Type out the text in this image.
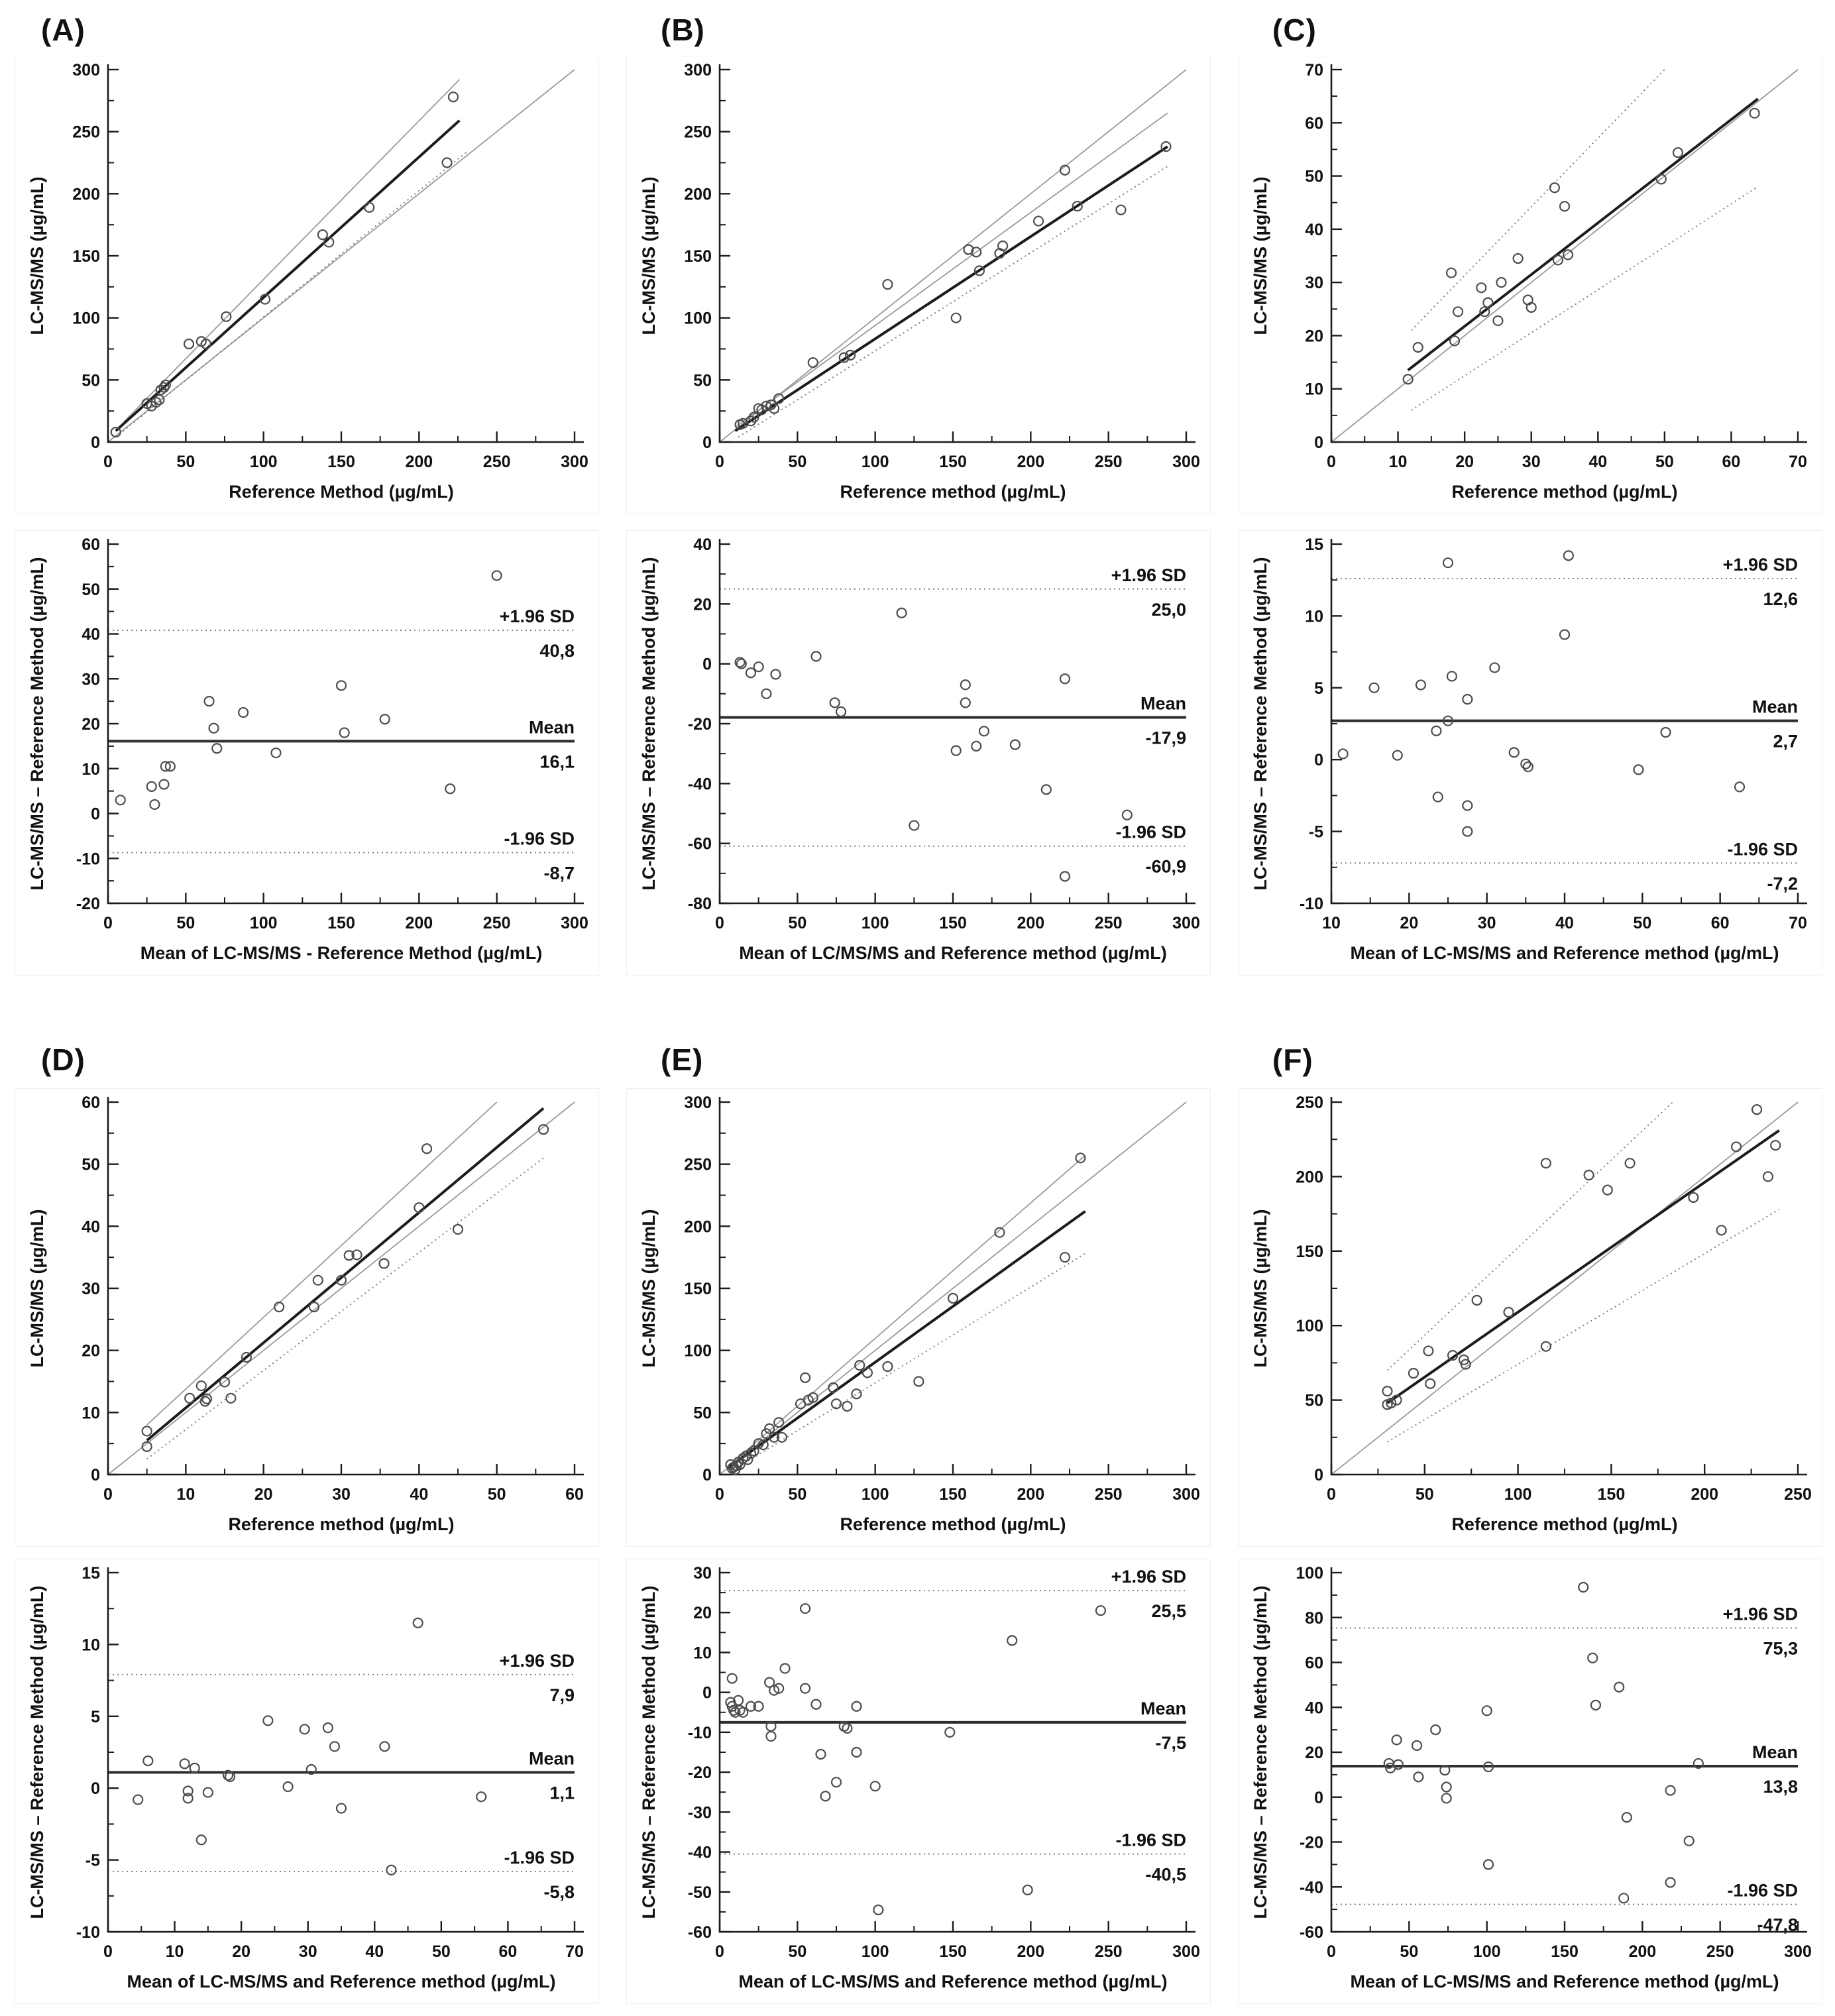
(A)
0	50	100	150	200	250	300
0
50
100
150
200
250
300
Reference Method (µg/mL)
LC-MS/MS (µg/mL)
+1.96 SD
40,8
Mean
16,1
-1.96 SD
-8,7
0	50	100	150	200	250	300
-20
-10
0
10
20
30
40
50
60
Mean of LC-MS/MS - Reference Method (µg/mL)
LC-MS/MS – Reference Method (µg/mL)
(B)
0	50	100	150	200	250	300
0
50
100
150
200
250
300
Reference method (µg/mL)
LC-MS/MS (µg/mL)
+1.96 SD
25,0
Mean
-17,9
-1.96 SD
-60,9
0	50	100	150	200	250	300
-80
-60
-40
-20
0
20
40
Mean of LC/MS/MS and Reference method (µg/mL)
LC-MS/MS – Reference Method (µg/mL)
(C)
0	10	20	30	40	50	60	70
0
10
20
30
40
50
60
70
Reference method (µg/mL)
LC-MS/MS (µg/mL)
+1.96 SD
12,6
Mean
2,7
-1.96 SD
-7,2
10	20	30	40	50	60	70
-10
-5
0
5
10
15
Mean of LC-MS/MS and Reference method (µg/mL)
LC-MS/MS – Reference Method (µg/mL)
(D)
0	10	20	30	40	50	60
0
10
20
30
40
50
60
Reference method (µg/mL)
LC-MS/MS (µg/mL)
+1.96 SD
7,9
Mean
1,1
-1.96 SD
-5,8
0	10	20	30	40	50	60	70
-10
-5
0
5
10
15
Mean of LC-MS/MS and Reference method (µg/mL)
LC-MS/MS – Reference Method (µg/mL)
(E)
0	50	100	150	200	250	300
0
50
100
150
200
250
300
Reference method (µg/mL)
LC-MS/MS (µg/mL)
+1.96 SD
25,5
Mean
-7,5
-1.96 SD
-40,5
0	50	100	150	200	250	300
-60
-50
-40
-30
-20
-10
0
10
20
30
Mean of LC-MS/MS and Reference method (µg/mL)
LC-MS/MS – Reference Method (µg/mL)
(F)
0	50	100	150	200	250
0
50
100
150
200
250
Reference method (µg/mL)
LC-MS/MS (µg/mL)
+1.96 SD
75,3
Mean
13,8
-1.96 SD
-47,8
0	50	100	150	200	250	300
-60
-40
-20
0
20
40
60
80
100
Mean of LC-MS/MS and Reference method (µg/mL)
LC-MS/MS – Reference Method (µg/mL)
